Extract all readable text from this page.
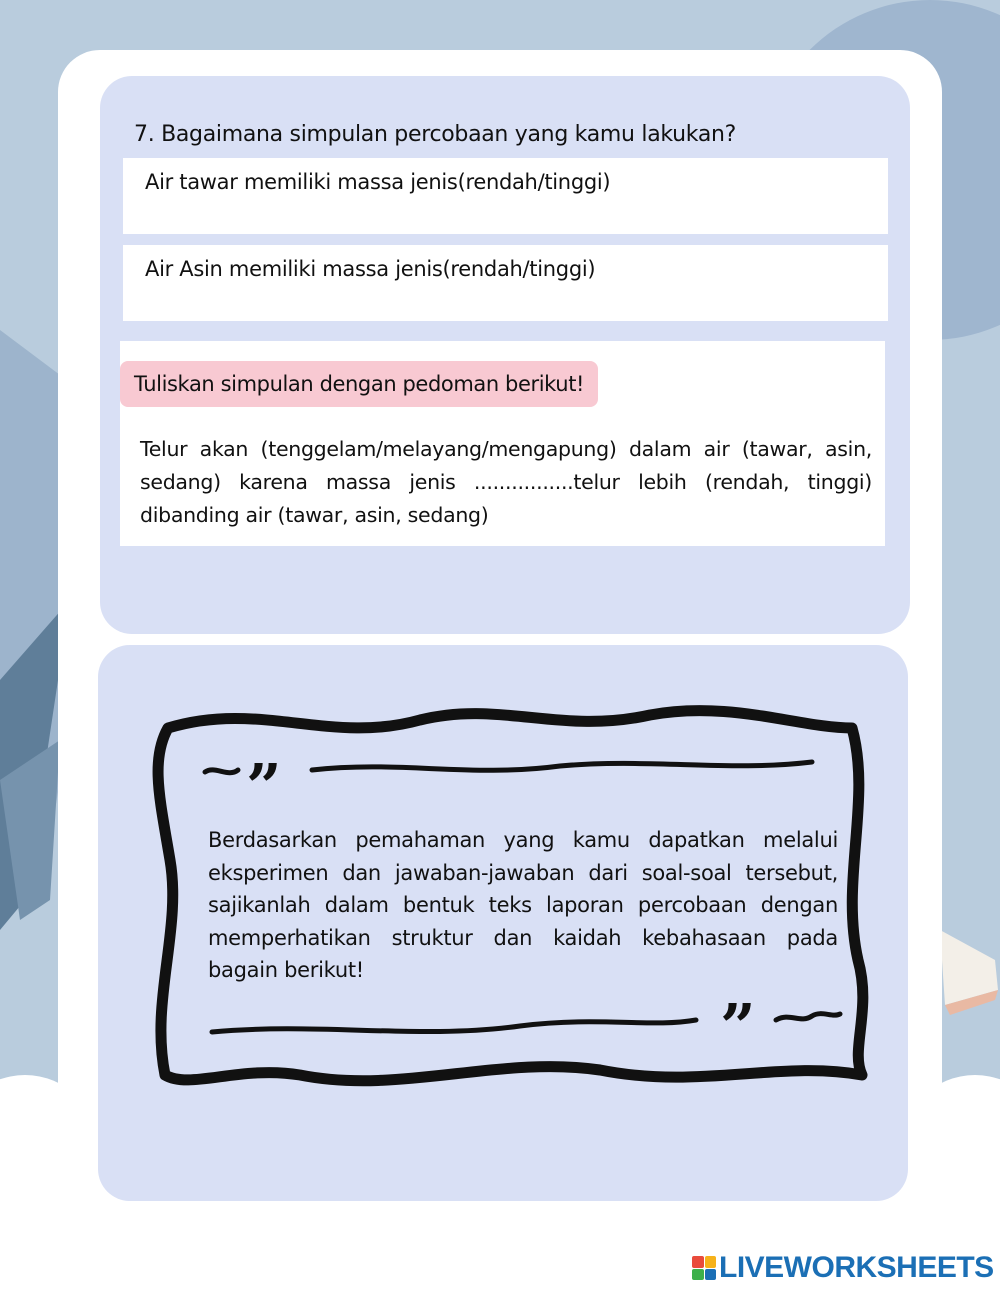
7. Bagaimana simpulan percobaan yang kamu lakukan?
Air tawar memiliki massa jenis(rendah/tinggi)
Air Asin memiliki massa jenis(rendah/tinggi)
Tuliskan simpulan dengan pedoman berikut!
Telur akan (tenggelam/melayang/mengapung) dalam air (tawar, asin, sedang) karena massa jenis ................telur lebih (rendah, tinggi) dibanding air (tawar, asin, sedang)
”
”
Berdasarkan pemahaman yang kamu dapatkan melalui eksperimen dan jawaban-jawaban dari soal-soal tersebut, sajikanlah dalam bentuk teks laporan percobaan dengan memperhatikan struktur dan kaidah kebahasaan pada bagain berikut!
LIVEWORKSHEETS
